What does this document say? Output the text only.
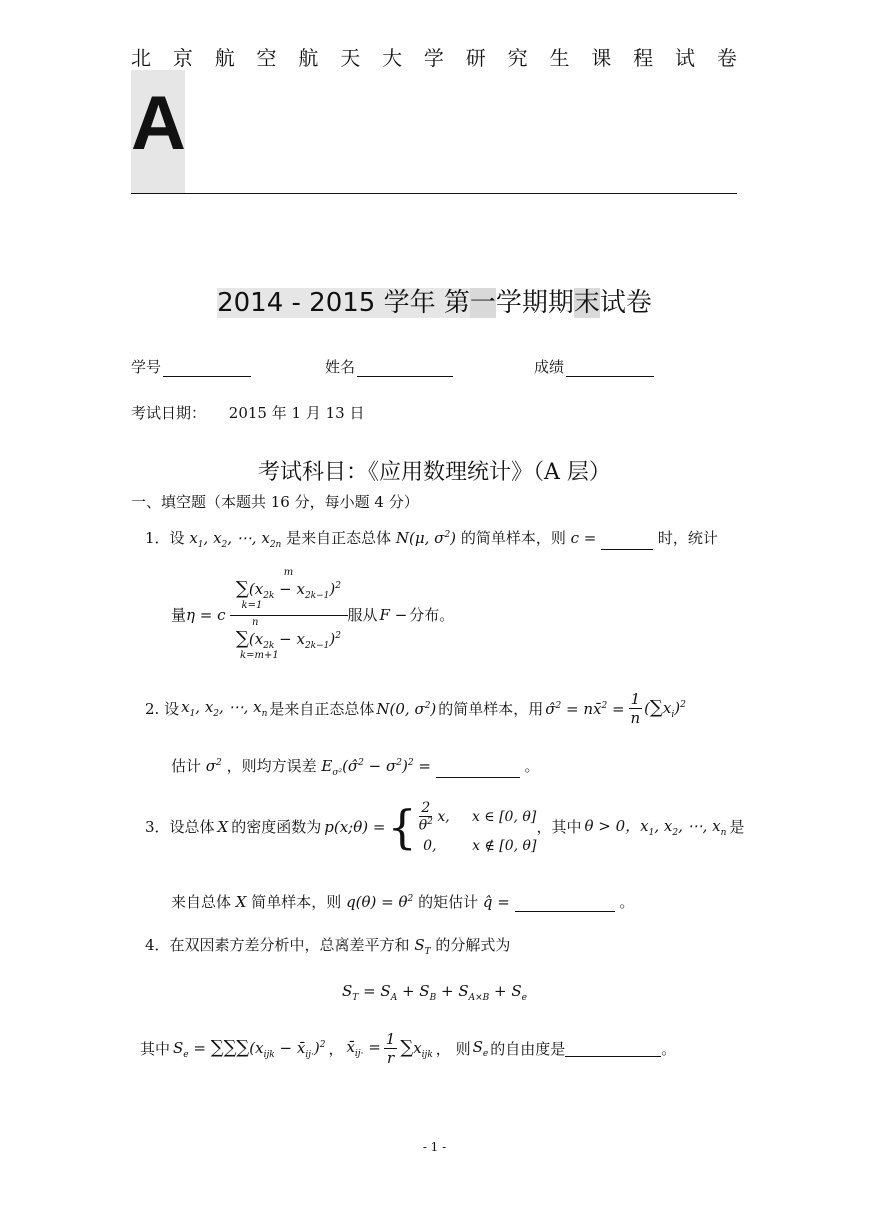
北 京 航 空 航 天 大 学 研 究 生 课 程 试 卷
A
2014 - 2015 学年 第一学期期末试卷
学号	姓名	成绩
考试日期： 2015 年 1 月 13 日
考试科目：《应用数理统计》（A 层）
一、填空题（本题共 16 分，每小题 4 分）
1．设 $x_1$, $x_2$, ⋯, $x_{2n}$ 是来自正态总体 N(μ, $\sigma^2$) 的简单样本，则 c =	时，统计
量 η = c m
$\sum(x_{2k} - x_{2k-1})^2$
k=1
n
$\sum(x_{2k} - x_{2k-1})^2$
k=m+1 服从 F − 分布。
2. 设 $x_1$, $x_2$, ⋯, $x_n$ 是来自正态总体 N(0, $\sigma^2$) 的简单样本，用 σ̂$^2$ = nx̄$^2$ = $\frac{1}{n} (\sum x_i)^2$
估计 $\sigma^2$ ，则均方误差 $E_{\sigma^2}(\sigmâ^2 - \sigma^2)^2$ =	。
3．设总体 X 的密度函数为 p(x;θ) = { $\frac{2}{\theta^2} x$,     x ∈ [0, θ]
0,        x ∉ [0, θ]
，其中 θ > 0，$x_1$, $x_2$, ⋯, $x_n$ 是
来自总体 X 简单样本，则 $q(\theta) = \theta^2$ 的矩估计 q̂ =	。
4．在双因素方差分析中，总离差平方和 $S_T$ 的分解式为
$S_T = S_A + S_B + S_{A\times B} + S_e$
其中 $S_e = \sum\sum\sum(x_{ijk}$ − $x̄_{ij\cdot})^2$ ， $x̄_{ij\cdot} = \frac{1}{r} \sum x_{ijk}$ ， 则 $S_e$ 的自由度是	。
- 1 -
